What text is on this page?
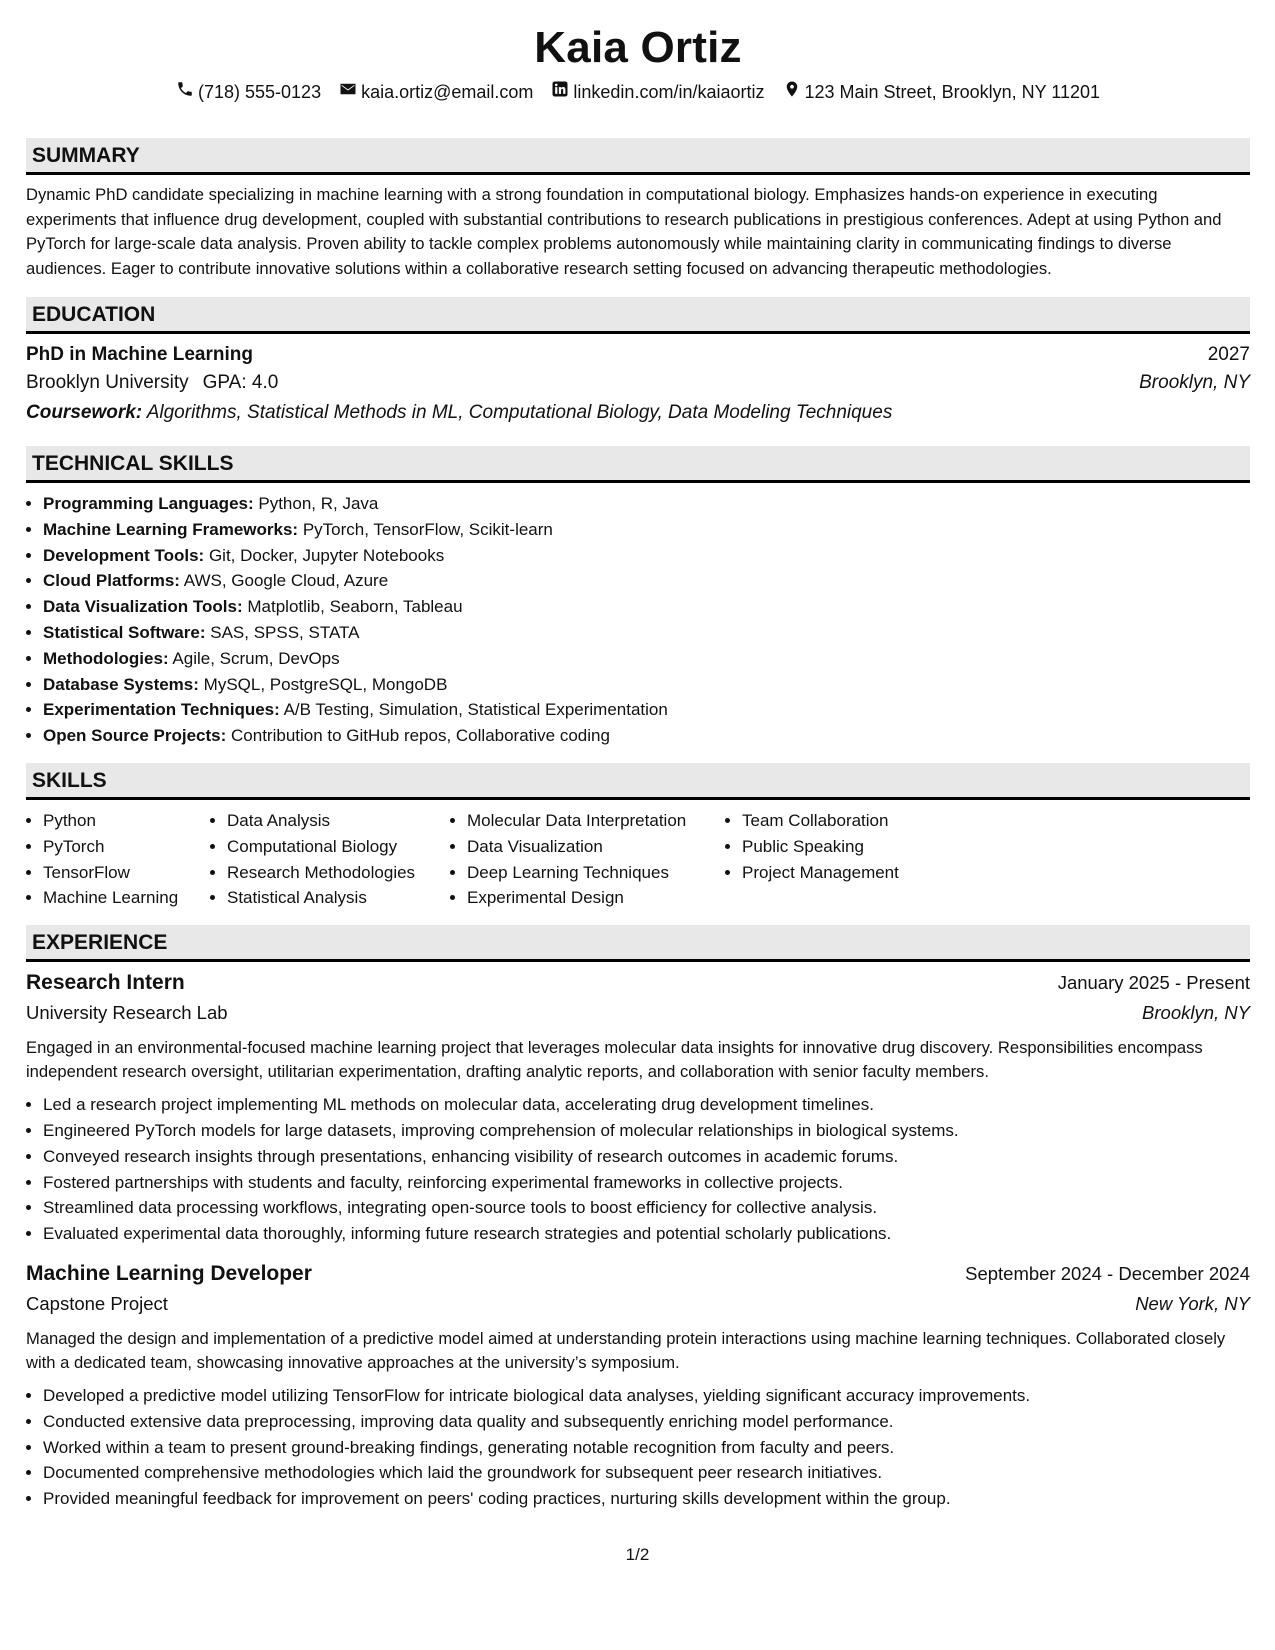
Kaia Ortiz
(718) 555-0123 kaia.ortiz@email.com linkedin.com/in/kaiaortiz 123 Main Street, Brooklyn, NY 11201
SUMMARY

Dynamic PhD candidate specializing in machine learning with a strong foundation in computational biology. Emphasizes hands-on experience in executing experiments that influence drug development, coupled with substantial contributions to research publications in prestigious conferences. Adept at using Python and PyTorch for large-scale data analysis. Proven ability to tackle complex problems autonomously while maintaining clarity in communicating findings to diverse audiences. Eager to contribute innovative solutions within a collaborative research setting focused on advancing therapeutic methodologies.

EDUCATION
PhD in Machine Learning	2027
Brooklyn University GPA: 4.0	Brooklyn, NY
Coursework: Algorithms, Statistical Methods in ML, Computational Biology, Data Modeling Techniques
TECHNICAL SKILLS
• Programming Languages: Python, R, Java
• Machine Learning Frameworks: PyTorch, TensorFlow, Scikit-learn
• Development Tools: Git, Docker, Jupyter Notebooks
• Cloud Platforms: AWS, Google Cloud, Azure
• Data Visualization Tools: Matplotlib, Seaborn, Tableau
• Statistical Software: SAS, SPSS, STATA
• Methodologies: Agile, Scrum, DevOps
• Database Systems: MySQL, PostgreSQL, MongoDB
• Experimentation Techniques: A/B Testing, Simulation, Statistical Experimentation
• Open Source Projects: Contribution to GitHub repos, Collaborative coding
SKILLS
• Python
• PyTorch
• TensorFlow
• Machine Learning
• Data Analysis
• Computational Biology
• Research Methodologies
• Statistical Analysis
• Molecular Data Interpretation
• Data Visualization
• Deep Learning Techniques
• Experimental Design
• Team Collaboration
• Public Speaking
• Project Management
EXPERIENCE
Research Intern	January 2025 - Present
University Research Lab	Brooklyn, NY

Engaged in an environmental-focused machine learning project that leverages molecular data insights for innovative drug discovery. Responsibilities encompass independent research oversight, utilitarian experimentation, drafting analytic reports, and collaboration with senior faculty members.

• Led a research project implementing ML methods on molecular data, accelerating drug development timelines.
• Engineered PyTorch models for large datasets, improving comprehension of molecular relationships in biological systems.
• Conveyed research insights through presentations, enhancing visibility of research outcomes in academic forums.
• Fostered partnerships with students and faculty, reinforcing experimental frameworks in collective projects.
• Streamlined data processing workflows, integrating open-source tools to boost efficiency for collective analysis.
• Evaluated experimental data thoroughly, informing future research strategies and potential scholarly publications.
Machine Learning Developer	September 2024 - December 2024
Capstone Project	New York, NY

Managed the design and implementation of a predictive model aimed at understanding protein interactions using machine learning techniques. Collaborated closely with a dedicated team, showcasing innovative approaches at the university’s symposium.

• Developed a predictive model utilizing TensorFlow for intricate biological data analyses, yielding significant accuracy improvements.
• Conducted extensive data preprocessing, improving data quality and subsequently enriching model performance.
• Worked within a team to present ground-breaking findings, generating notable recognition from faculty and peers.
• Documented comprehensive methodologies which laid the groundwork for subsequent peer research initiatives.
• Provided meaningful feedback for improvement on peers' coding practices, nurturing skills development within the group.
1/2
